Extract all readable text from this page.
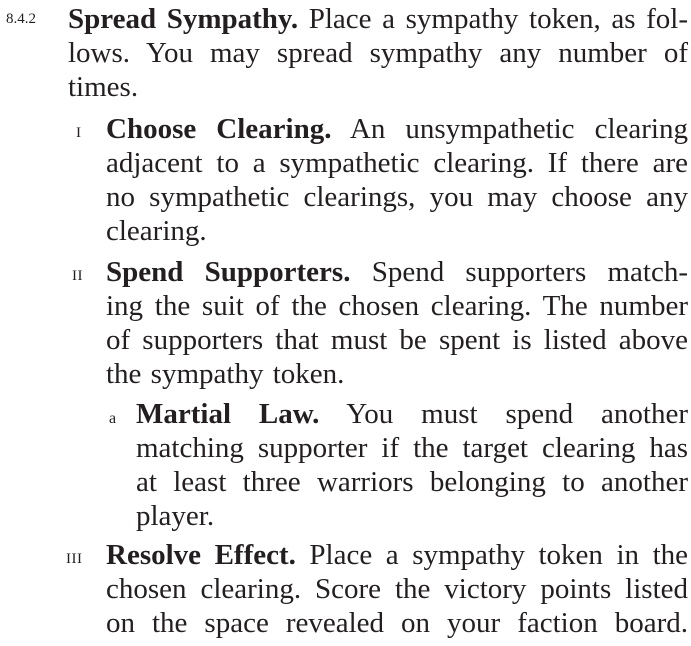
8.4.2 Spread Sympathy. Place a sympathy token, as fol-
lows. You may spread sympathy any number of
times.
I Choose Clearing. An unsympathetic clearing
adjacent to a sympathetic clearing. If there are
no sympathetic clearings, you may choose any
clearing.
II Spend Supporters. Spend supporters match-
ing the suit of the chosen clearing. The number
of supporters that must be spent is listed above
the sympathy token.
a Martial Law. You must spend another
matching supporter if the target clearing has
at least three warriors belonging to another
player.
III Resolve Effect. Place a sympathy token in the
chosen clearing. Score the victory points listed
on the space revealed on your faction board.
